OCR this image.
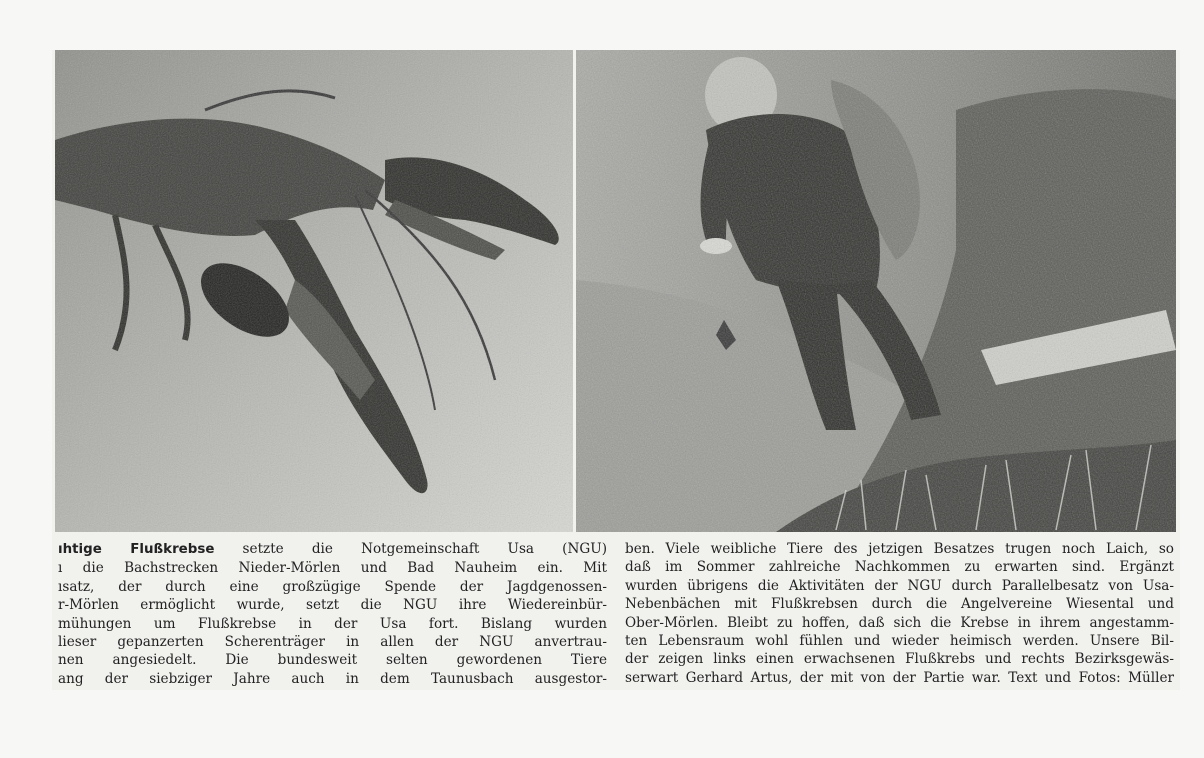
ıhtige Flußkrebse setzte die Notgemeinschaft Usa (NGU)
ı die Bachstrecken Nieder-Mörlen und Bad Nauheim ein. Mit
ısatz, der durch eine großzügige Spende der Jagdgenossen-
r-Mörlen ermöglicht wurde, setzt die NGU ihre Wiedereinbür-
mühungen um Flußkrebse in der Usa fort. Bislang wurden
lieser gepanzerten Scherenträger in allen der NGU anvertrau-
nen angesiedelt. Die bundesweit selten gewordenen Tiere
ang der siebziger Jahre auch in dem Taunusbach ausgestor-
ben. Viele weibliche Tiere des jetzigen Besatzes trugen noch Laich, so
daß im Sommer zahlreiche Nachkommen zu erwarten sind. Ergänzt
wurden übrigens die Aktivitäten der NGU durch Parallelbesatz von Usa-
Nebenbächen mit Flußkrebsen durch die Angelvereine Wiesental und
Ober-Mörlen. Bleibt zu hoffen, daß sich die Krebse in ihrem angestamm-
ten Lebensraum wohl fühlen und wieder heimisch werden. Unsere Bil-
der zeigen links einen erwachsenen Flußkrebs und rechts Bezirksgewäs-
serwart Gerhard Artus, der mit von der Partie war. Text und Fotos: Müller
